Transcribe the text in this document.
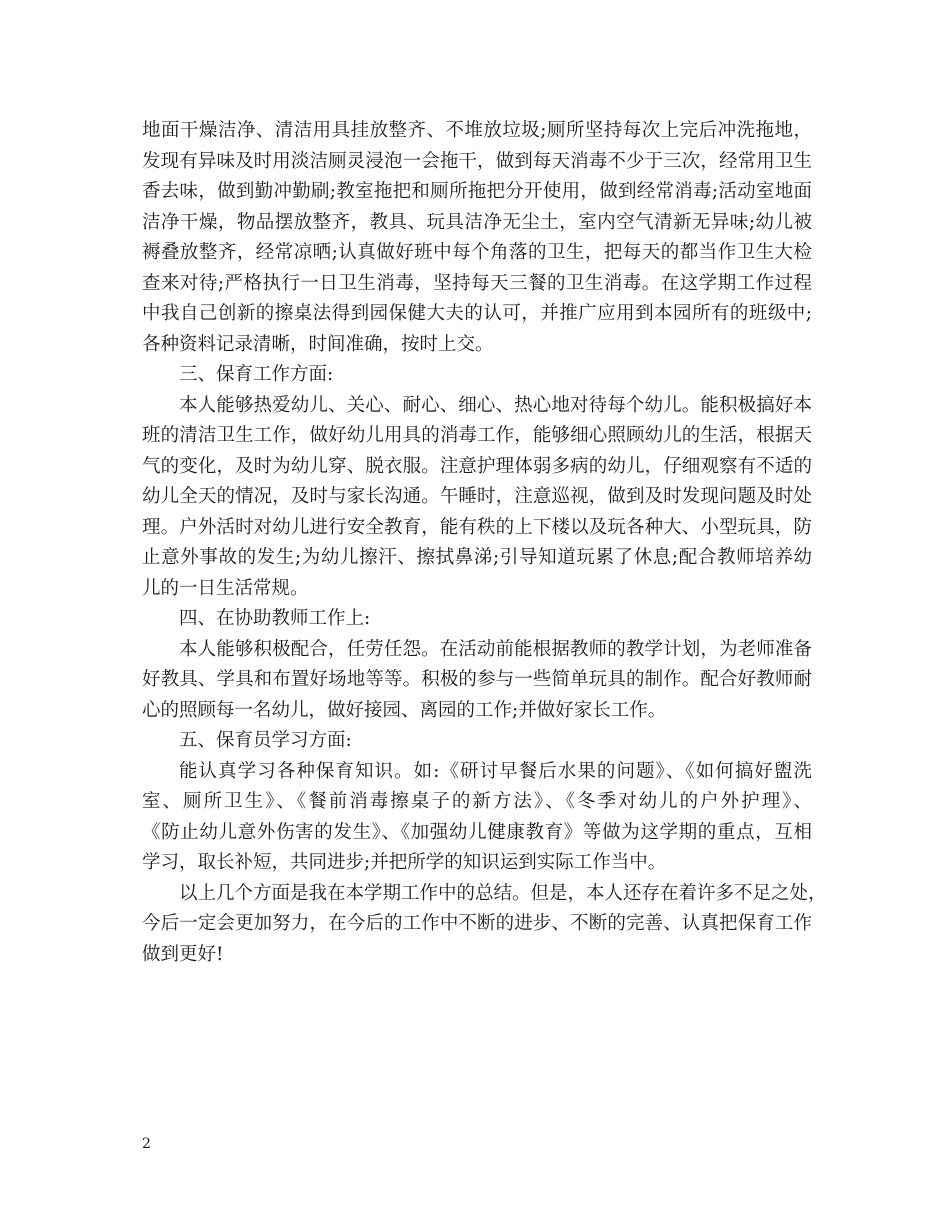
地面干燥洁净、清洁用具挂放整齐、不堆放垃圾;厕所坚持每次上完后冲洗拖地，
发现有异味及时用淡洁厕灵浸泡一会拖干，做到每天消毒不少于三次，经常用卫生
香去味，做到勤冲勤刷;教室拖把和厕所拖把分开使用，做到经常消毒;活动室地面
洁净干燥，物品摆放整齐，教具、玩具洁净无尘土，室内空气清新无异味;幼儿被
褥叠放整齐，经常凉晒;认真做好班中每个角落的卫生，把每天的都当作卫生大检
查来对待;严格执行一日卫生消毒，坚持每天三餐的卫生消毒。在这学期工作过程
中我自己创新的擦桌法得到园保健大夫的认可，并推广应用到本园所有的班级中;
各种资料记录清晰，时间准确，按时上交。
三、保育工作方面:
本人能够热爱幼儿、关心、耐心、细心、热心地对待每个幼儿。能积极搞好本
班的清洁卫生工作，做好幼儿用具的消毒工作，能够细心照顾幼儿的生活，根据天
气的变化，及时为幼儿穿、脱衣服。注意护理体弱多病的幼儿，仔细观察有不适的
幼儿全天的情况，及时与家长沟通。午睡时，注意巡视，做到及时发现问题及时处
理。户外活时对幼儿进行安全教育，能有秩的上下楼以及玩各种大、小型玩具，防
止意外事故的发生;为幼儿擦汗、擦拭鼻涕;引导知道玩累了休息;配合教师培养幼
儿的一日生活常规。
四、在协助教师工作上:
本人能够积极配合，任劳任怨。在活动前能根据教师的教学计划，为老师准备
好教具、学具和布置好场地等等。积极的参与一些简单玩具的制作。配合好教师耐
心的照顾每一名幼儿，做好接园、离园的工作;并做好家长工作。
五、保育员学习方面:
能认真学习各种保育知识。如:《研讨早餐后水果的问题》、《如何搞好盥洗
室、厕所卫生》、《餐前消毒擦桌子的新方法》、《冬季对幼儿的户外护理》、
《防止幼儿意外伤害的发生》、《加强幼儿健康教育》等做为这学期的重点，互相
学习，取长补短，共同进步;并把所学的知识运到实际工作当中。
以上几个方面是我在本学期工作中的总结。但是，本人还存在着许多不足之处，
今后一定会更加努力，在今后的工作中不断的进步、不断的完善、认真把保育工作
做到更好!
2
